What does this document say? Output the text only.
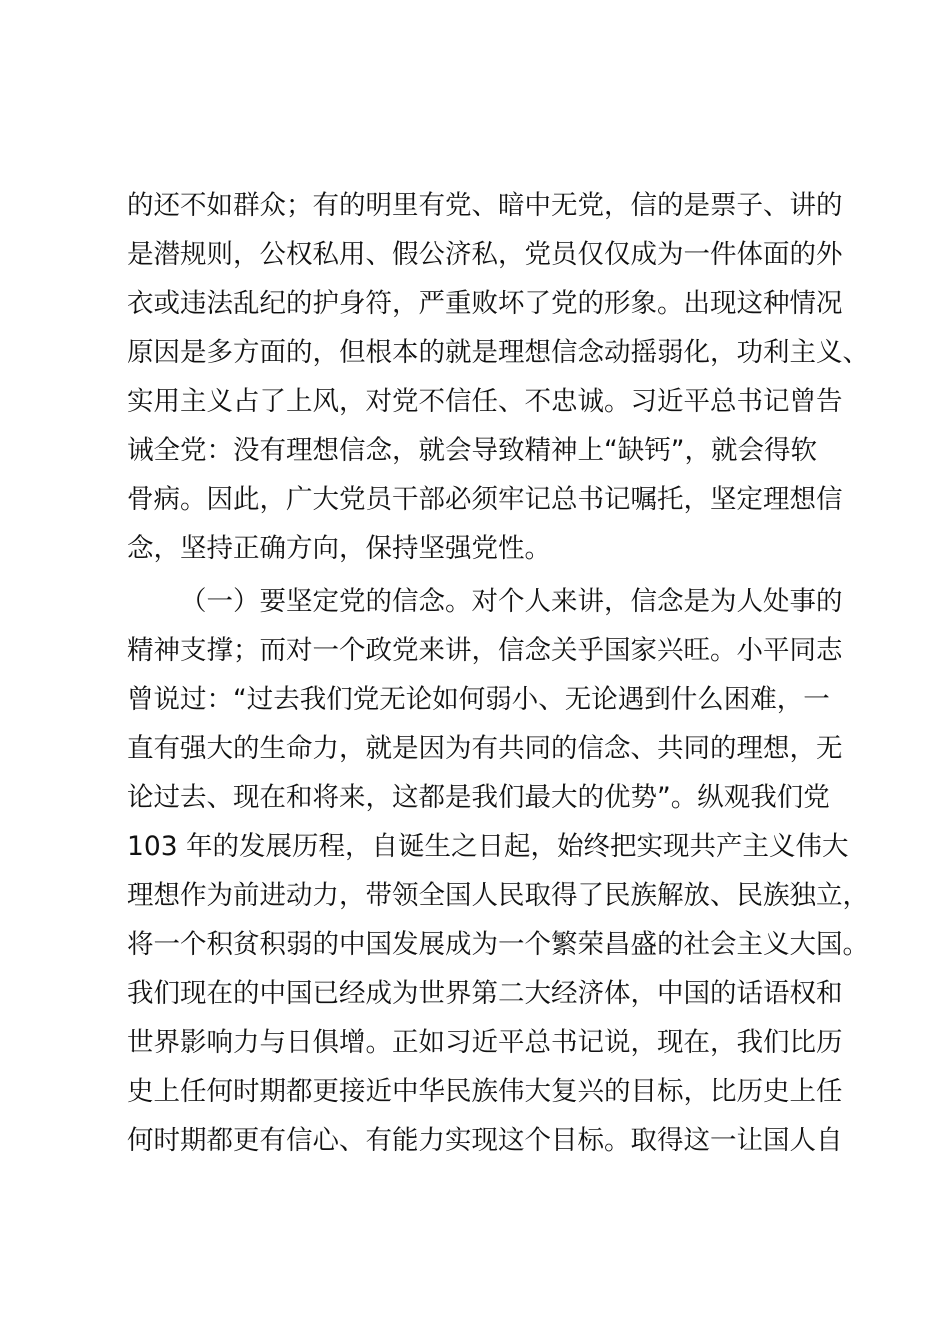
的还不如群众；有的明里有党、暗中无党，信的是票子、讲的
是潜规则，公权私用、假公济私，党员仅仅成为一件体面的外
衣或违法乱纪的护身符，严重败坏了党的形象。出现这种情况
原因是多方面的，但根本的就是理想信念动摇弱化，功利主义、
实用主义占了上风，对党不信任、不忠诚。习近平总书记曾告
诫全党：没有理想信念，就会导致精神上“缺钙”，就会得软
骨病。因此，广大党员干部必须牢记总书记嘱托，坚定理想信
念，坚持正确方向，保持坚强党性。
（一）要坚定党的信念。对个人来讲，信念是为人处事的
精神支撑；而对一个政党来讲，信念关乎国家兴旺。小平同志
曾说过：“过去我们党无论如何弱小、无论遇到什么困难，一
直有强大的生命力，就是因为有共同的信念、共同的理想，无
论过去、现在和将来，这都是我们最大的优势”。纵观我们党
103 年的发展历程，自诞生之日起，始终把实现共产主义伟大
理想作为前进动力，带领全国人民取得了民族解放、民族独立，
将一个积贫积弱的中国发展成为一个繁荣昌盛的社会主义大国。
我们现在的中国已经成为世界第二大经济体，中国的话语权和
世界影响力与日俱增。正如习近平总书记说，现在，我们比历
史上任何时期都更接近中华民族伟大复兴的目标，比历史上任
何时期都更有信心、有能力实现这个目标。取得这一让国人自
